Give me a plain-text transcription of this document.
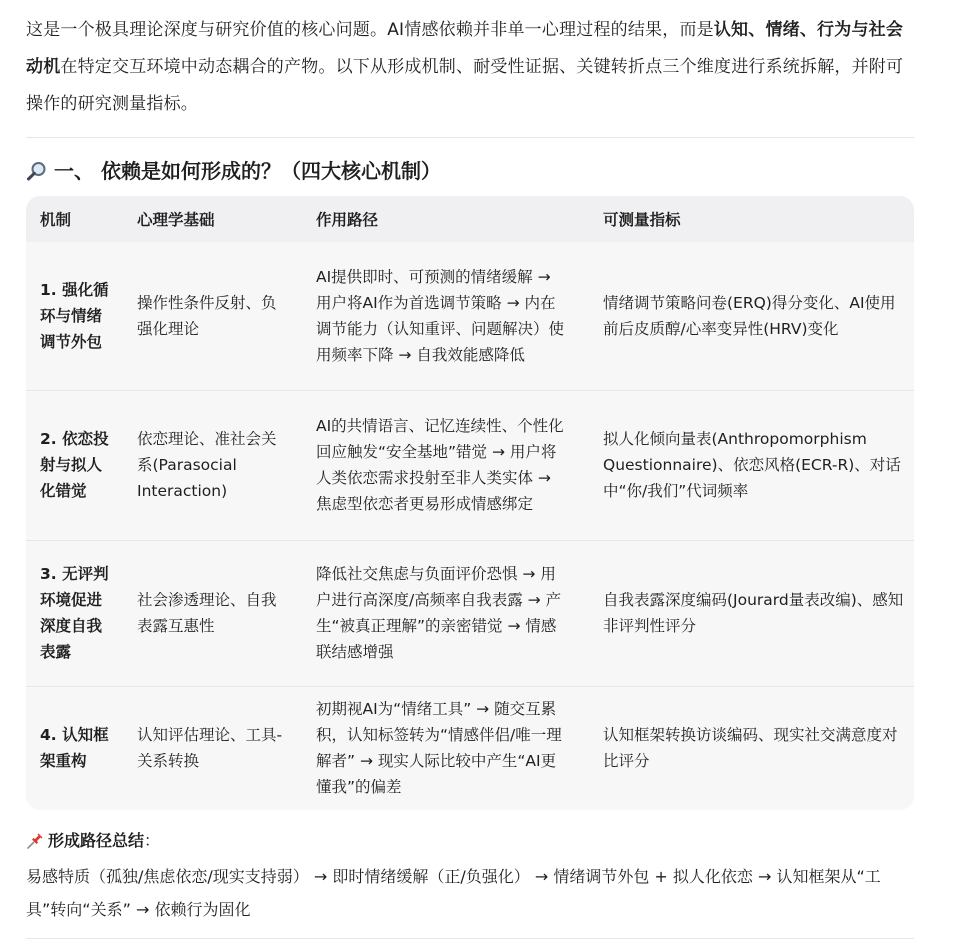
这是一个极具理论深度与研究价值的核心问题。AI情感依赖并非单一心理过程的结果，而是认知、情绪、行为与社会动机在特定交互环境中动态耦合的产物。以下从形成机制、耐受性证据、关键转折点三个维度进行系统拆解，并附可操作的研究测量指标。

一、 依赖是如何形成的？（四大核心机制）
机制	心理学基础	作用路径	可测量指标
1. 强化循环与情绪调节外包	操作性条件反射、负强化理论	AI提供即时、可预测的情绪缓解 → 用户将AI作为首选调节策略 → 内在调节能力（认知重评、问题解决）使用频率下降 → 自我效能感降低	情绪调节策略问卷(ERQ)得分变化、AI使用前后皮质醇/心率变异性(HRV)变化
2. 依恋投射与拟人化错觉	依恋理论、准社会关系(Parasocial Interaction)	AI的共情语言、记忆连续性、个性化回应触发“安全基地”错觉 → 用户将人类依恋需求投射至非人类实体 → 焦虑型依恋者更易形成情感绑定	拟人化倾向量表(Anthropomorphism Questionnaire)、依恋风格(ECR-R)、对话中“你/我们”代词频率
3. 无评判环境促进深度自我表露	社会渗透理论、自我表露互惠性	降低社交焦虑与负面评价恐惧 → 用户进行高深度/高频率自我表露 → 产生“被真正理解”的亲密错觉 → 情感联结感增强	自我表露深度编码(Jourard量表改编)、感知非评判性评分
4. 认知框架重构	认知评估理论、工具-关系转换	初期视AI为“情绪工具” → 随交互累积，认知标签转为“情感伴侣/唯一理解者” → 现实人际比较中产生“AI更懂我”的偏差	认知框架转换访谈编码、现实社交满意度对比评分
形成路径总结 ：
易感特质（孤独/焦虑依恋/现实支持弱） → 即时情绪缓解（正/负强化） → 情绪调节外包 + 拟人化依恋 → 认知框架从“工具”转向“关系” → 依赖行为固化
